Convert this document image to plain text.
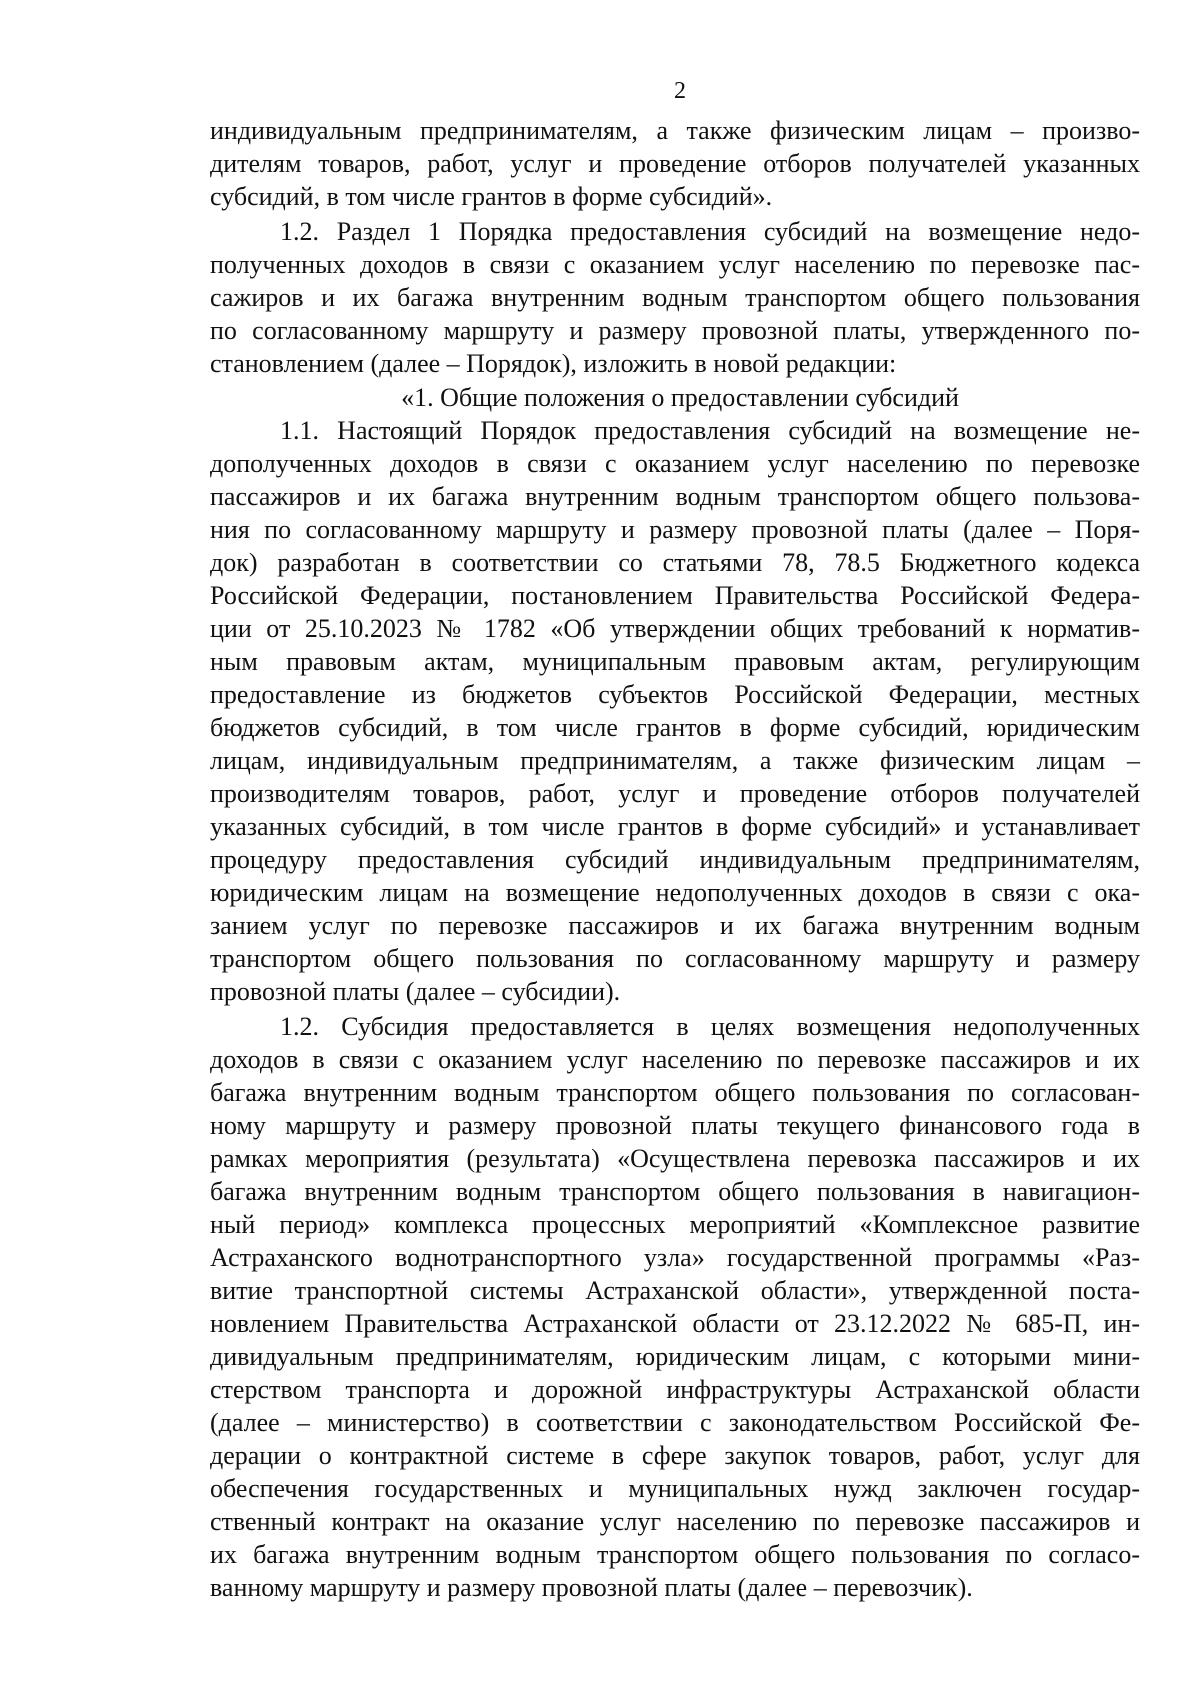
2
индивидуальным предпринимателям, а также физическим лицам – произво-
дителям товаров, работ, услуг и проведение отборов получателей указанных
субсидий, в том числе грантов в форме субсидий».
1.2. Раздел 1 Порядка предоставления субсидий на возмещение недо-
полученных доходов в связи с оказанием услуг населению по перевозке пас-
сажиров и их багажа внутренним водным транспортом общего пользования
по согласованному маршруту и размеру провозной платы, утвержденного по-
становлением (далее – Порядок), изложить в новой редакции:
«1. Общие положения о предоставлении субсидий
1.1. Настоящий Порядок предоставления субсидий на возмещение не-
дополученных доходов в связи с оказанием услуг населению по перевозке
пассажиров и их багажа внутренним водным транспортом общего пользова-
ния по согласованному маршруту и размеру провозной платы (далее – Поря-
док) разработан в соответствии со статьями 78, 78.5 Бюджетного кодекса
Российской Федерации, постановлением Правительства Российской Федера-
ции от 25.10.2023 № 1782 «Об утверждении общих требований к норматив-
ным правовым актам, муниципальным правовым актам, регулирующим
предоставление из бюджетов субъектов Российской Федерации, местных
бюджетов субсидий, в том числе грантов в форме субсидий, юридическим
лицам, индивидуальным предпринимателям, а также физическим лицам –
производителям товаров, работ, услуг и проведение отборов получателей
указанных субсидий, в том числе грантов в форме субсидий» и устанавливает
процедуру предоставления субсидий индивидуальным предпринимателям,
юридическим лицам на возмещение недополученных доходов в связи с ока-
занием услуг по перевозке пассажиров и их багажа внутренним водным
транспортом общего пользования по согласованному маршруту и размеру
провозной платы (далее – субсидии).
1.2. Субсидия предоставляется в целях возмещения недополученных
доходов в связи с оказанием услуг населению по перевозке пассажиров и их
багажа внутренним водным транспортом общего пользования по согласован-
ному маршруту и размеру провозной платы текущего финансового года в
рамках мероприятия (результата) «Осуществлена перевозка пассажиров и их
багажа внутренним водным транспортом общего пользования в навигацион-
ный период» комплекса процессных мероприятий «Комплексное развитие
Астраханского воднотранспортного узла» государственной программы «Раз-
витие транспортной системы Астраханской области», утвержденной поста-
новлением Правительства Астраханской области от 23.12.2022 № 685-П, ин-
дивидуальным предпринимателям, юридическим лицам, с которыми мини-
стерством транспорта и дорожной инфраструктуры Астраханской области
(далее – министерство) в соответствии с законодательством Российской Фе-
дерации о контрактной системе в сфере закупок товаров, работ, услуг для
обеспечения государственных и муниципальных нужд заключен государ-
ственный контракт на оказание услуг населению по перевозке пассажиров и
их багажа внутренним водным транспортом общего пользования по согласо-
ванному маршруту и размеру провозной платы (далее – перевозчик).
